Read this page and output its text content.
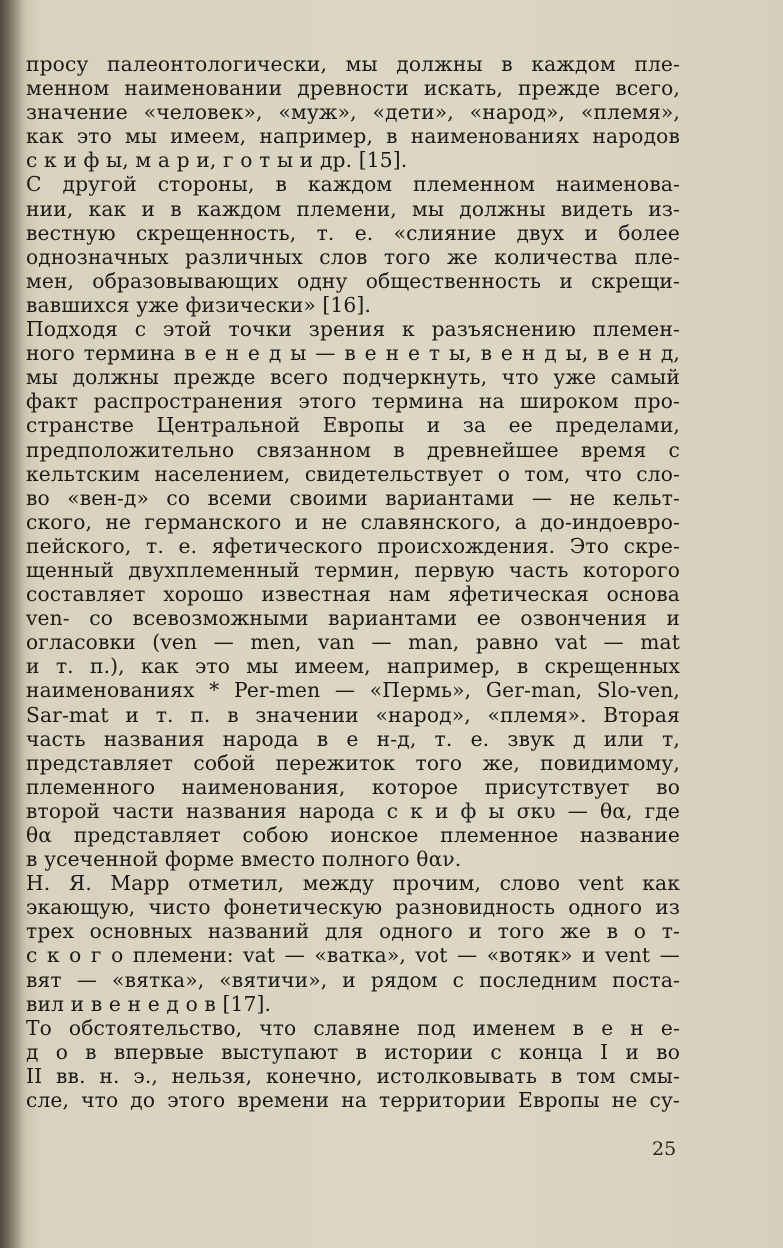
просу палеонтологически, мы должны в каждом пле-
менном наименовании древности искать, прежде всего,
значение «человек», «муж», «дети», «народ», «племя»,
как это мы имеем, например, в наименованиях народов
с к и ф ы, м а р и, г о т ы и др. [15].
С другой стороны, в каждом племенном наименова-
нии, как и в каждом племени, мы должны видеть из-
вестную скрещенность, т. е. «слияние двух и более
однозначных различных слов того же количества пле-
мен, образовывающих одну общественность и скрещи-
вавшихся уже физически» [16].
Подходя с этой точки зрения к разъяснению племен-
ного термина в е н е д ы — в е н е т ы, в е н д ы, в е н д,
мы должны прежде всего подчеркнуть, что уже самый
факт распространения этого термина на широком про-
странстве Центральной Европы и за ее пределами,
предположительно связанном в древнейшее время с
кельтским населением, свидетельствует о том, что сло-
во «вен-д» со всеми своими вариантами — не кельт-
ского, не германского и не славянского, а до-индоевро-
пейского, т. е. яфетического происхождения. Это скре-
щенный двухплеменный термин, первую часть которого
составляет хорошо известная нам яфетическая основа
ven- со всевозможными вариантами ее озвончения и
огласовки (ven — men, van — man, равно vat — mat
и т. п.), как это мы имеем, например, в скрещенных
наименованиях * Per-men — «Пермь», Ger-man, Slo-ven,
Sar-mat и т. п. в значении «народ», «племя». Вторая
часть названия народа в е н-д, т. е. звук д или т,
представляет собой пережиток того же, повидимому,
племенного наименования, которое присутствует во
второй части названия народа с к и ф ы σκυ — θα, где
θα представляет собою ионское племенное название
в усеченной форме вместо полного θαν.
Н. Я. Марр отметил, между прочим, слово vent как
экающую, чисто фонетическую разновидность одного из
трех основных названий для одного и того же в о т-
с к о г о племени: vat — «ватка», vot — «вотяк» и vent —
вят — «вятка», «вятичи», и рядом с последним поста-
вил и в е н е д о в [17].
То обстоятельство, что славяне под именем в е н е-
д о в впервые выступают в истории с конца I и во
II вв. н. э., нельзя, конечно, истолковывать в том смы-
сле, что до этого времени на территории Европы не су-
25
